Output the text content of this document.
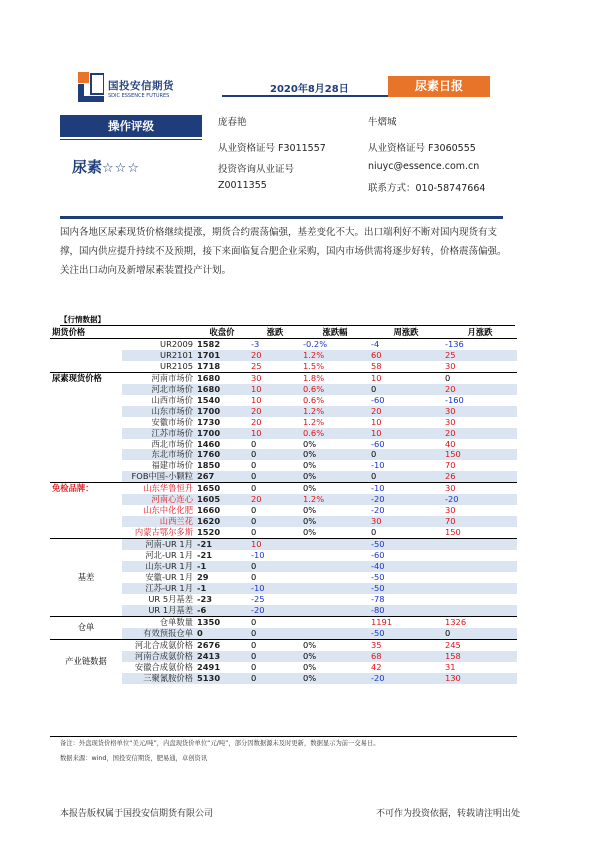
国投安信期货
SDIC ESSENCE FUTURES
2020年8月28日	尿素日报
操作评级
尿素☆☆☆
庞春艳
从业资格证号 F3011557
投资咨询从业证号
Z0011355
牛熠城
从业资格证号 F3060555
niuyc@essence.com.cn
联系方式：010-58747664
国内各地区尿素现货价格继续提涨，期货合约震荡偏强，基差变化不大。出口端利好不断对国内现货有支撑，国内供应提升持续不及预期，接下来面临复合肥企业采购，国内市场供需将逐步好转，价格震荡偏强。关注出口动向及新增尿素装置投产计划。
【行情数据】
期货价格		收盘价	涨跌	涨跌幅	周涨跌	月涨跌
	UR2009	1582	-3	-0.2%	-4	-136
	UR2101	1701	20	1.2%	60	25
	UR2105	1718	25	1.5%	58	30
尿素现货价格	河南市场价	1680	30	1.8%	10	0
	河北市场价	1680	10	0.6%	0	20
	山西市场价	1540	10	0.6%	-60	-160
	山东市场价	1700	20	1.2%	20	30
	安徽市场价	1730	20	1.2%	10	30
	江苏市场价	1700	10	0.6%	10	20
	西北市场价	1460	0	0%	-60	40
	东北市场价	1760	0	0%	0	150
	福建市场价	1850	0	0%	-10	70
	FOB中国-小颗粒	267	0	0%	0	26
免检品牌：	山东华鲁恒升	1650	0	0%	-10	30
	河南心连心	1605	20	1.2%	-20	-20
	山东中化化肥	1660	0	0%	-20	30
	山西兰花	1620	0	0%	30	70
	内蒙古鄂尔多斯	1520	0	0%	0	150
基差	河南-UR 1月	-21	10		-50	
	河北-UR 1月	-21	-10		-60	
	山东-UR 1月	-1	0		-40	
	安徽-UR 1月	29	0		-50	
	江苏-UR 1月	-1	-10		-50	
	UR 5月基差	-23	-25		-78	
	UR 1月基差	-6	-20		-80	
仓单	仓单数量	1350	0		1191	1326
	有效预报仓单	0	0		-50	0
产业链数据	河北合成氨价格	2676	0	0%	35	245
	河南合成氨价格	2413	0	0%	68	158
	安徽合成氨价格	2491	0	0%	42	31
	三聚氰胺价格	5130	0	0%	-20	130
备注：外盘现货价格单位“美元/吨”，内盘现货价单位“元/吨”，部分因数据源未及时更新，数据显示为前一交易日。
数据来源：wind，国投安信期货，肥易通，卓创资讯
本报告版权属于国投安信期货有限公司	不可作为投资依据，转载请注明出处
